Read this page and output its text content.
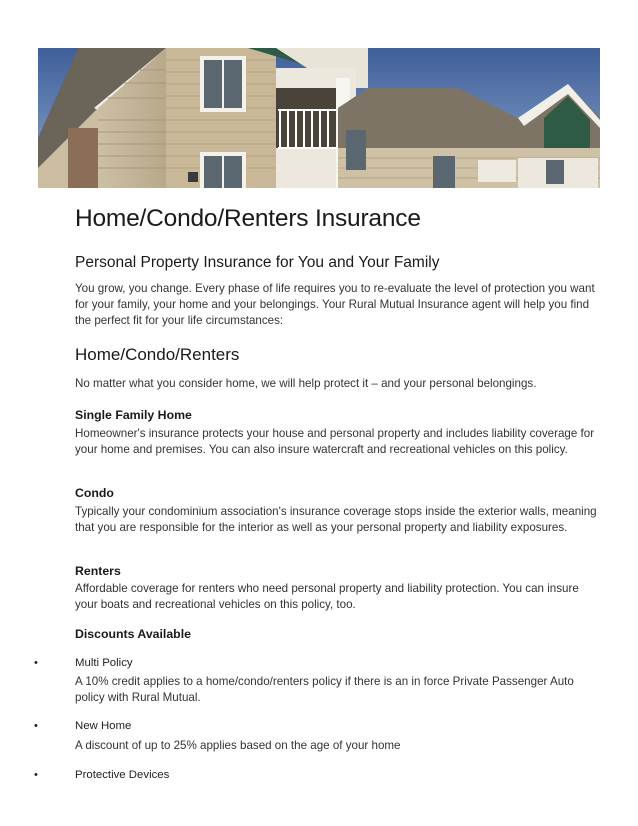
Home/Condo/Renters Insurance
Personal Property Insurance for You and Your Family

You grow, you change. Every phase of life requires you to re-evaluate the level of protection you want for your family, your home and your belongings. Your Rural Mutual Insurance agent will help you find the perfect fit for your life circumstances:

Home/Condo/Renters

No matter what you consider home, we will help protect it – and your personal belongings.

Single Family Home

Homeowner's insurance protects your house and personal property and includes liability coverage for your home and premises. You can also insure watercraft and recreational vehicles on this policy.

Condo

Typically your condominium association's insurance coverage stops inside the exterior walls, meaning that you are responsible for the interior as well as your personal property and liability exposures.

Renters

Affordable coverage for renters who need personal property and liability protection. You can insure your boats and recreational vehicles on this policy, too.

Discounts Available
•	Multi Policy

A 10% credit applies to a home/condo/renters policy if there is an in force Private Passenger Auto policy with Rural Mutual.

•	New Home

A discount of up to 25% applies based on the age of your home

•	Protective Devices
